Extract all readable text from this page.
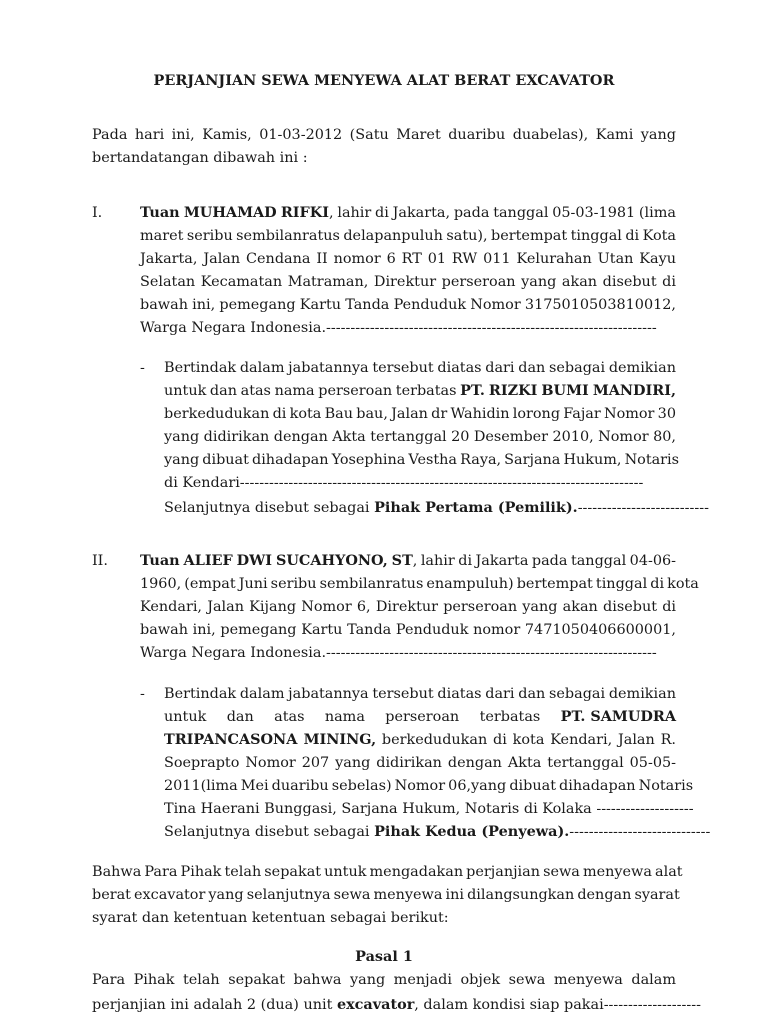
PERJANJIAN SEWA MENYEWA ALAT BERAT EXCAVATOR
Pada hari ini, Kamis, 01-03-2012 (Satu Maret duaribu duabelas), Kami yang
bertandatangan dibawah ini :
I.	Tuan MUHAMAD RIFKI, lahir di Jakarta, pada tanggal 05-03-1981 (lima
maret seribu sembilanratus delapanpuluh satu), bertempat tinggal di Kota
Jakarta, Jalan Cendana II nomor 6 RT 01 RW 011 Kelurahan Utan Kayu
Selatan Kecamatan Matraman, Direktur perseroan yang akan disebut di
bawah ini, pemegang Kartu Tanda Penduduk Nomor 3175010503810012,
Warga Negara Indonesia.--------------------------------------------------------------------
-	Bertindak dalam jabatannya tersebut diatas dari dan sebagai demikian
untuk dan atas nama perseroan terbatas PT. RIZKI BUMI MANDIRI,
berkedudukan di kota Bau bau, Jalan dr Wahidin lorong Fajar Nomor 30
yang didirikan dengan Akta tertanggal 20 Desember 2010, Nomor 80,
yang dibuat dihadapan Yosephina Vestha Raya, Sarjana Hukum, Notaris
di Kendari-----------------------------------------------------------------------------------
Selanjutnya disebut sebagai Pihak Pertama (Pemilik).---------------------------
II.	Tuan ALIEF DWI SUCAHYONO, ST, lahir di Jakarta pada tanggal 04-06-
1960, (empat Juni seribu sembilanratus enampuluh) bertempat tinggal di kota
Kendari, Jalan Kijang Nomor 6, Direktur perseroan yang akan disebut di
bawah ini, pemegang Kartu Tanda Penduduk nomor 7471050406600001,
Warga Negara Indonesia.--------------------------------------------------------------------
-	Bertindak dalam jabatannya tersebut diatas dari dan sebagai demikian
untuk dan atas nama perseroan terbatas PT. SAMUDRA
TRIPANCASONA MINING, berkedudukan di kota Kendari, Jalan R.
Soeprapto Nomor 207 yang didirikan dengan Akta tertanggal 05-05-
2011(lima Mei duaribu sebelas) Nomor 06,yang dibuat dihadapan Notaris
Tina Haerani Bunggasi, Sarjana Hukum, Notaris di Kolaka --------------------
Selanjutnya disebut sebagai Pihak Kedua (Penyewa).-----------------------------
Bahwa Para Pihak telah sepakat untuk mengadakan perjanjian sewa menyewa alat
berat excavator yang selanjutnya sewa menyewa ini dilangsungkan dengan syarat
syarat dan ketentuan ketentuan sebagai berikut:
Pasal 1
Para Pihak telah sepakat bahwa yang menjadi objek sewa menyewa dalam
perjanjian ini adalah 2 (dua) unit excavator, dalam kondisi siap pakai--------------------
